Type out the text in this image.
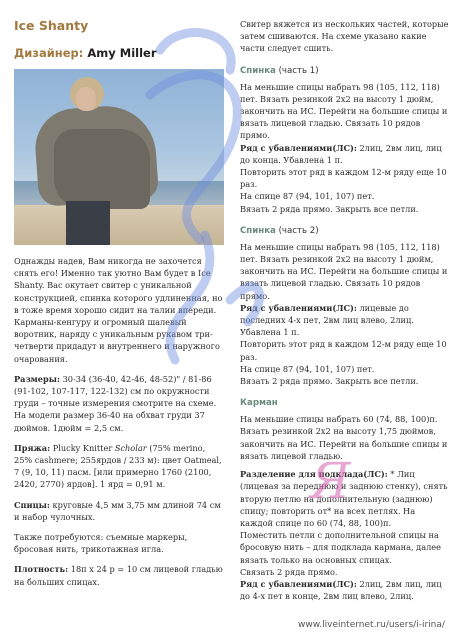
Ice Shanty
Дизайнер: Amy Miller

Однажды надев, Вам никогда не захочется снять его! Именно так уютно Вам будет в Ice Shanty. Вас окутает свитер с уникальной конструкцией, спинка которого удлиненная, но в тоже время хорошо сидит на талии впереди. Карманы-кенгуру и огромный шалевый воротник, наряду с уникальным рукавом три-четверти придадут и внутреннего и наружного очарования.

Размеры: 30-34 (36-40, 42-46, 48-52)" / 81-86 (91-102, 107-117, 122-132) см по окружности груди – точные измерения смотрите на схеме. На модели размер 36-40 на обхват груди 37 дюймов. 1дюйм = 2,5 см.

Пряжа: Plucky Knitter Scholar (75% merino, 25% cashmere; 255ярдов / 233 м): цвет Oatmeal, 7 (9, 10, 11) пасм. [или примерно 1760 (2100, 2420, 2770) ярдов]. 1 ярд = 0,91 м.

Спицы: круговые 4,5 мм 3,75 мм длиной 74 см и набор чулочных.

Также потребуются: съемные маркеры, бросовая нить, трикотажная игла.

Плотность: 18п х 24 р = 10 см лицевой гладью на больших спицах.

Свитер вяжется из нескольких частей, которые затем сшиваются. На схеме указано какие части следует сшить.

Спинка (часть 1)

На меньшие спицы набрать 98 (105, 112, 118) пет. Вязать резинкой 2х2 на высоту 1 дюйм, закончить на ИС. Перейти на большие спицы и вязать лицевой гладью. Связать 10 рядов прямо.

Ряд с убавлениями(ЛС): 2лиц, 2вм лиц, лиц до конца. Убавлена 1 п.

Повторить этот ряд в каждом 12-м ряду еще 10 раз.

На спице 87 (94, 101, 107) пет.

Вязать 2 ряда прямо. Закрыть все петли.

Спинка (часть 2)

На меньшие спицы набрать 98 (105, 112, 118) пет. Вязать резинкой 2х2 на высоту 1 дюйм, закончить на ИС. Перейти на большие спицы и вязать лицевой гладью. Связать 10 рядов прямо.

Ряд с убавлениями(ЛС): лицевые до последних 4-х пет, 2вм лиц влево, 2лиц. Убавлена 1 п.

Повторить этот ряд в каждом 12-м ряду еще 10 раз.

На спице 87 (94, 101, 107) пет.

Вязать 2 ряда прямо. Закрыть все петли.

Карман

На меньшие спицы набрать 60 (74, 88, 100)п. Вязать резинкой 2х2 на высоту 1,75 дюймов, закончить на ИС. Перейти на большие спицы и вязать лицевой гладью.

Разделение для подклада(ЛС): * Лиц (лицевая за переднюю и заднюю стенку), снять вторую петлю на дополнительную (заднюю) спицу; повторить от* на всех петлях. На каждой спице по 60 (74, 88, 100)п.

Поместить петли с дополнительной спицы на бросовую нить – для подклада кармана, далее вязать только на основных спицах.

Связать 2 ряда прямо.

Ряд с убавлениями(ЛС): 2лиц, 2вм лиц, лиц до 4-х пет в конце, 2вм лиц влево, 2лиц.

Я
www.liveinternet.ru/users/i-irina/
